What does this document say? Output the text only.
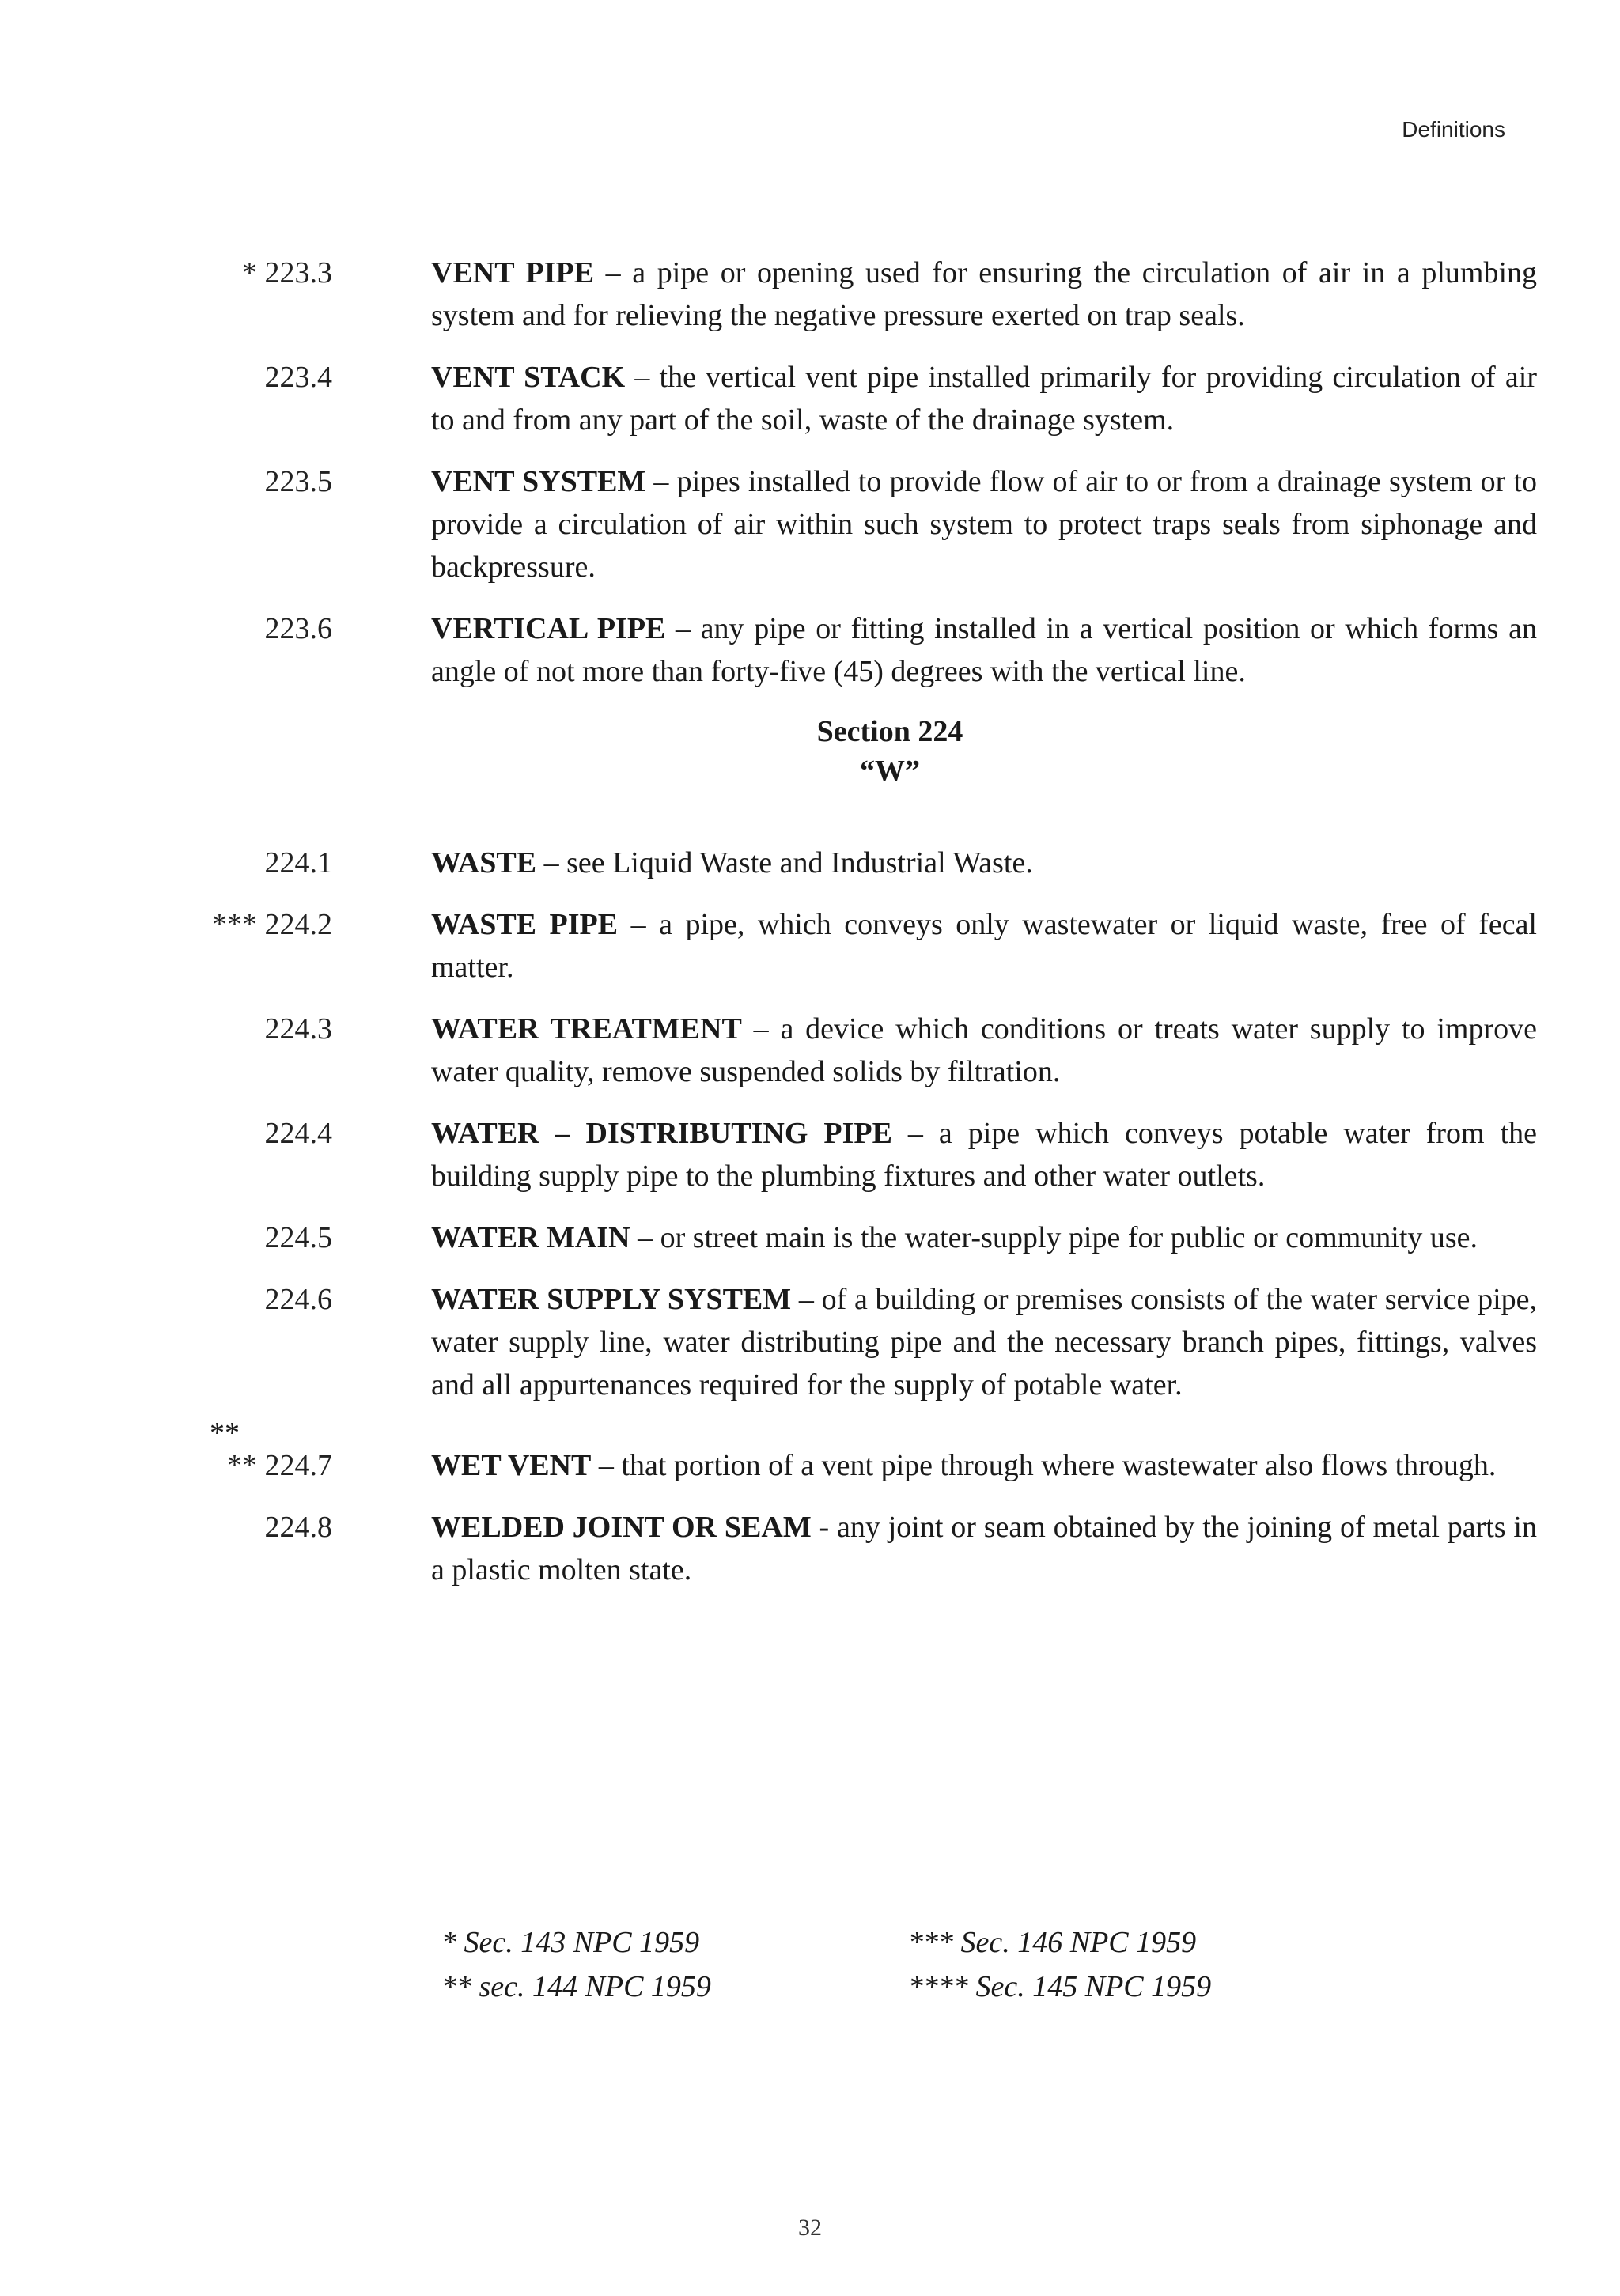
Definitions
* 223.3	VENT PIPE – a pipe or opening used for ensuring the circulation of air in a plumbing system and for relieving the negative pressure exerted on trap seals.
223.4	VENT STACK – the vertical vent pipe installed primarily for providing circulation of air to and from any part of the soil, waste of the drainage system.
223.5	VENT SYSTEM – pipes installed to provide flow of air to or from a drainage system or to provide a circulation of air within such system to protect traps seals from siphonage and backpressure.
223.6	VERTICAL PIPE – any pipe or fitting installed in a vertical position or which forms an angle of not more than forty-five (45) degrees with the vertical line.
Section 224
“W”
224.1	WASTE – see Liquid Waste and Industrial Waste.
*** 224.2	WASTE PIPE – a pipe, which conveys only wastewater or liquid waste, free of fecal matter.
224.3	WATER TREATMENT – a device which conditions or treats water supply to improve water quality, remove suspended solids by filtration.
224.4	WATER – DISTRIBUTING PIPE – a pipe which conveys potable water from the building supply pipe to the plumbing fixtures and other water outlets.
224.5	WATER MAIN – or street main is the water-supply pipe for public or community use.
224.6	WATER SUPPLY SYSTEM – of a building or premises consists of the water service pipe, water supply line, water distributing pipe and the necessary branch pipes, fittings, valves and all appurtenances required for the supply of potable water.
**
** 224.7	WET VENT – that portion of a vent pipe through where wastewater also flows through.
224.8	WELDED JOINT OR SEAM - any joint or seam obtained by the joining of metal parts in a plastic molten state.
* Sec. 143 NPC 1959	*** Sec. 146 NPC 1959
** sec. 144 NPC 1959	**** Sec. 145 NPC 1959
32
